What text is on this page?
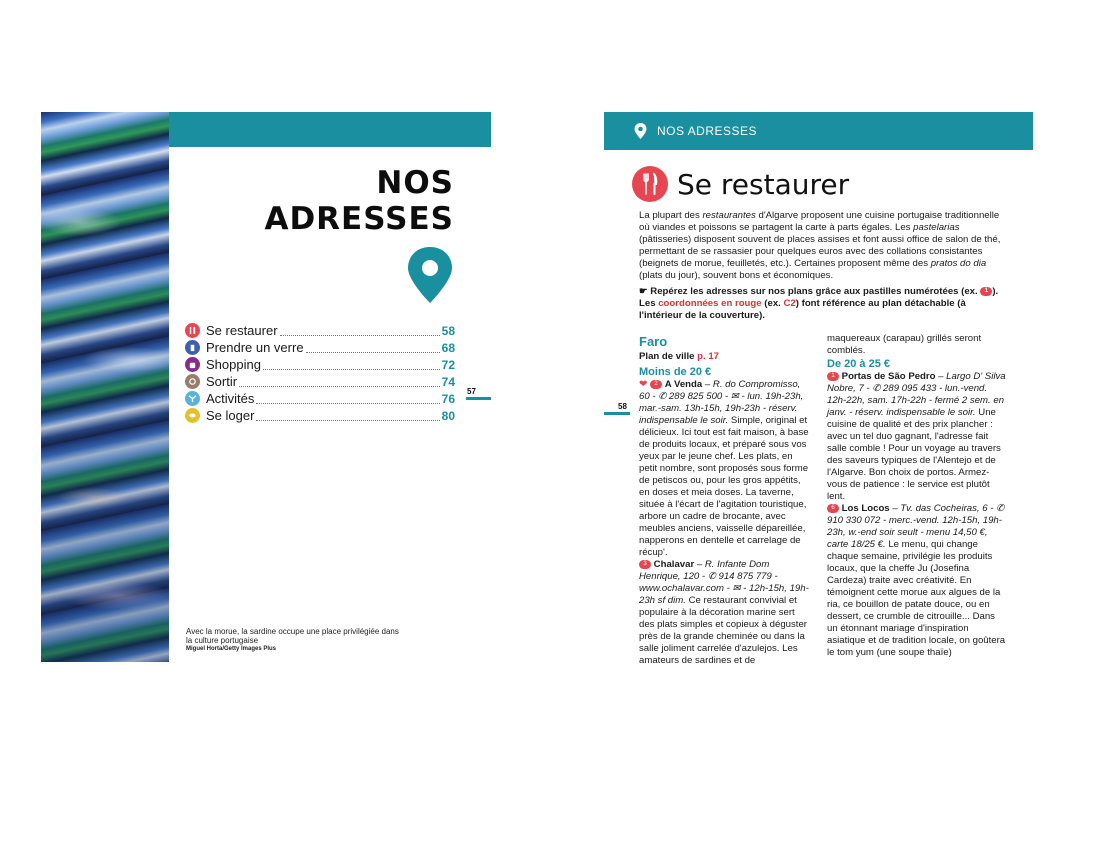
NOS
ADRESSES
Se restaurer	58
Prendre un verre	68
Shopping	72
Sortir	74
Activités	76
Se loger	80
57
Avec la morue, la sardine occupe une place privilégiée dans la culture portugaise
Miguel Horta/Getty Images Plus
NOS ADRESSES
Se restaurer
La plupart des restaurantes d'Algarve proposent une cuisine portugaise traditionnelle où viandes et poissons se partagent la carte à parts égales. Les pastelarias (pâtisseries) disposent souvent de places assises et font aussi office de salon de thé, permettant de se rassasier pour quelques euros avec des collations consistantes (beignets de morue, feuilletés, etc.). Certaines proposent même des pratos do dia (plats du jour), souvent bons et économiques.
☛ Repérez les adresses sur nos plans grâce aux pastilles numérotées (ex. 1 ).
Les coordonnées en rouge (ex. C2) font référence au plan détachable (à l'intérieur de la couverture).
58
Faro
Plan de ville p. 17
Moins de 20 €
❤ 2 A Venda – R. do Compromisso, 60 - ✆ 289 825 500 - ✉ - lun. 19h-23h, mar.-sam. 13h-15h, 19h-23h - réserv. indispensable le soir. Simple, original et délicieux. Ici tout est fait maison, à base de produits locaux, et préparé sous vos yeux par le jeune chef. Les plats, en petit nombre, sont proposés sous forme de petiscos ou, pour les gros appétits, en doses et meia doses. La taverne, située à l'écart de l'agitation touristique, arbore un cadre de brocante, avec meubles anciens, vaisselle dépareillée, napperons en dentelle et carrelage de récup'.
3 Chalavar – R. Infante Dom Henrique, 120 - ✆ 914 875 779 - www.ochalavar.com - ✉ - 12h-15h, 19h-23h sf dim. Ce restaurant convivial et populaire à la décoration marine sert des plats simples et copieux à déguster près de la grande cheminée ou dans la salle joliment carrelée d'azulejos. Les amateurs de sardines et de
maquereaux (carapau) grillés seront comblés.
De 20 à 25 €
1 Portas de São Pedro – Largo D' Silva Nobre, 7 - ✆ 289 095 433 - lun.-vend. 12h-22h, sam. 17h-22h - fermé 2 sem. en janv. - réserv. indispensable le soir. Une cuisine de qualité et des prix plancher : avec un tel duo gagnant, l'adresse fait salle comble ! Pour un voyage au travers des saveurs typiques de l'Alentejo et de l'Algarve. Bon choix de portos. Armez-vous de patience : le service est plutôt lent.
6 Los Locos – Tv. das Cocheiras, 6 - ✆ 910 330 072 - merc.-vend. 12h-15h, 19h-23h, w.-end soir seult - menu 14,50 €, carte 18/25 €. Le menu, qui change chaque semaine, privilégie les produits locaux, que la cheffe Ju (Josefina Cardeza) traite avec créativité. En témoignent cette morue aux algues de la ria, ce bouillon de patate douce, ou en dessert, ce crumble de citrouille... Dans un étonnant mariage d'inspiration asiatique et de tradition locale, on goûtera le tom yum (une soupe thaïe)
